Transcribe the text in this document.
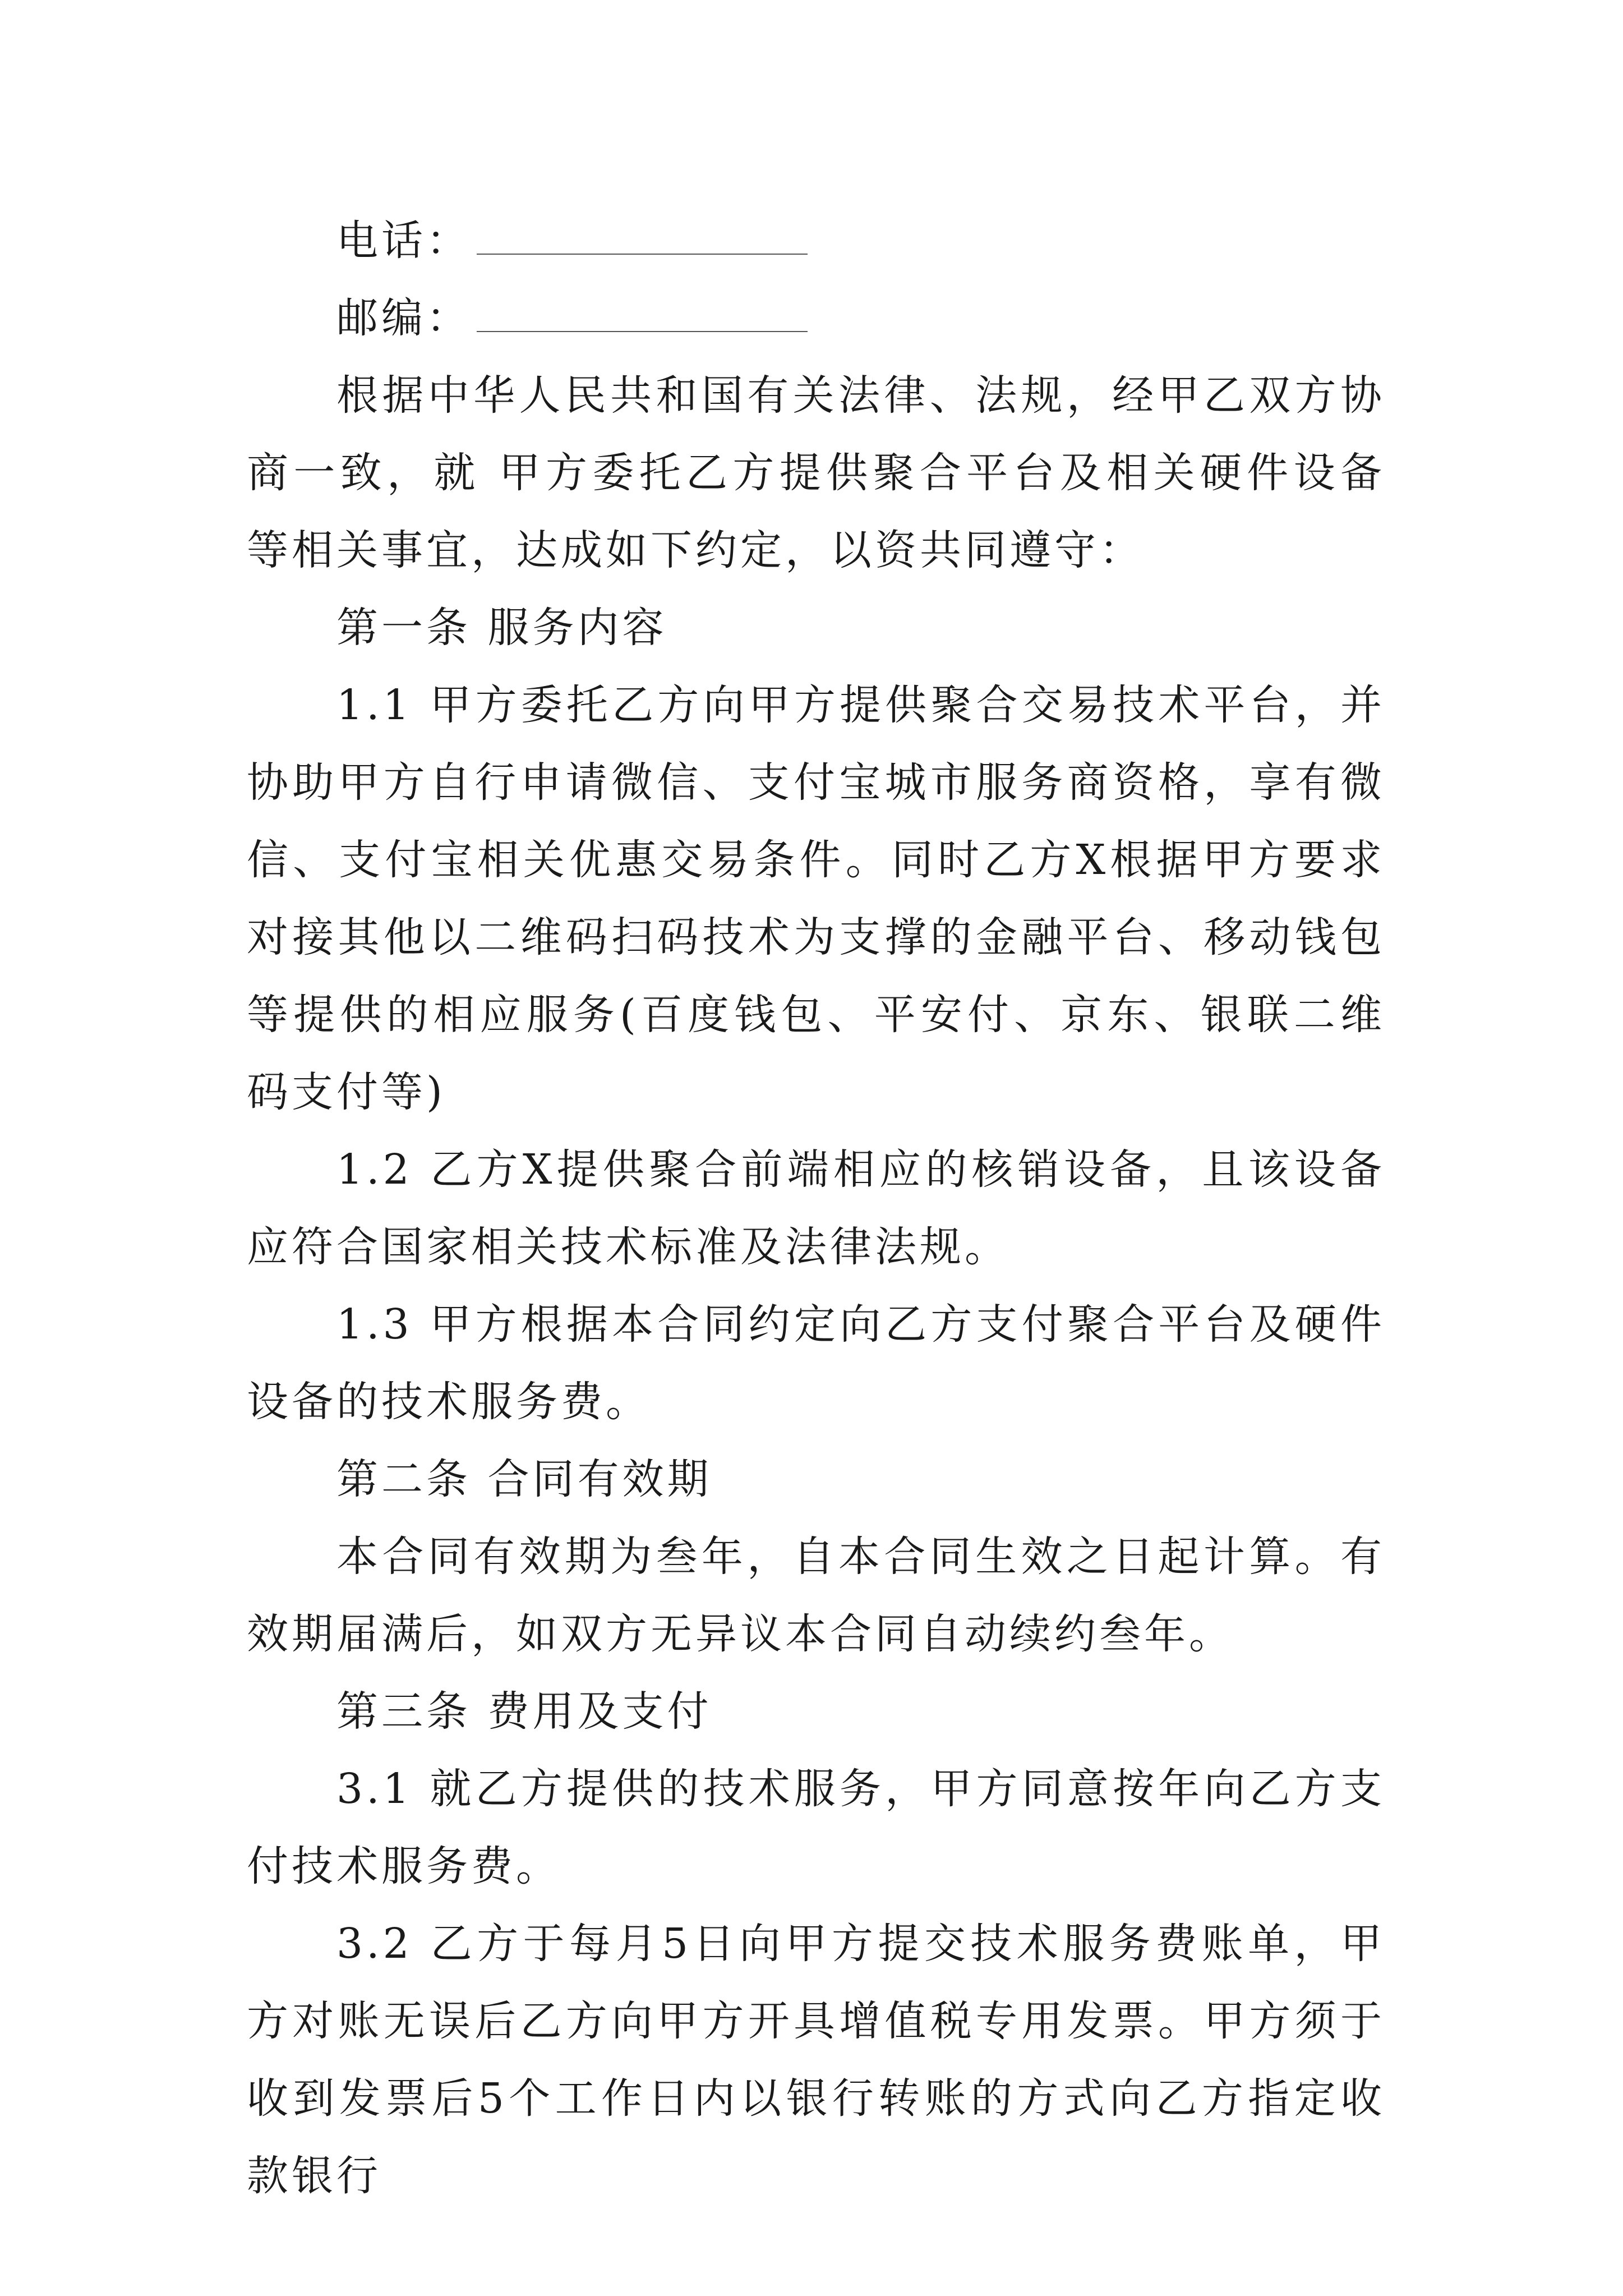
电话：
邮编：

根据中华人民共和国有关法律、法规，经甲乙双方协商一致，就 甲方委托乙方提供聚合平台及相关硬件设备 等相关事宜，达成如下约定，以资共同遵守：

第一条 服务内容

1.1 甲方委托乙方向甲方提供聚合交易技术平台，并协助甲方自行申请微信、支付宝城市服务商资格，享有微信、支付宝相关优惠交易条件。同时乙方X根据甲方要求对接其他以二维码扫码技术为支撑的金融平台、移动钱包等提供的相应服务(百度钱包、平安付、京东、银联二维码支付等)

1.2 乙方X提供聚合前端相应的核销设备，且该设备应符合国家相关技术标准及法律法规。

1.3 甲方根据本合同约定向乙方支付聚合平台及硬件设备的技术服务费。

第二条 合同有效期

本合同有效期为叁年，自本合同生效之日起计算。有效期届满后，如双方无异议本合同自动续约叁年。

第三条 费用及支付

3.1 就乙方提供的技术服务，甲方同意按年向乙方支付技术服务费。

3.2 乙方于每月5日向甲方提交技术服务费账单，甲方对账无误后乙方向甲方开具增值税专用发票。甲方须于收到发票后5个工作日内以银行转账的方式向乙方指定收款银行
